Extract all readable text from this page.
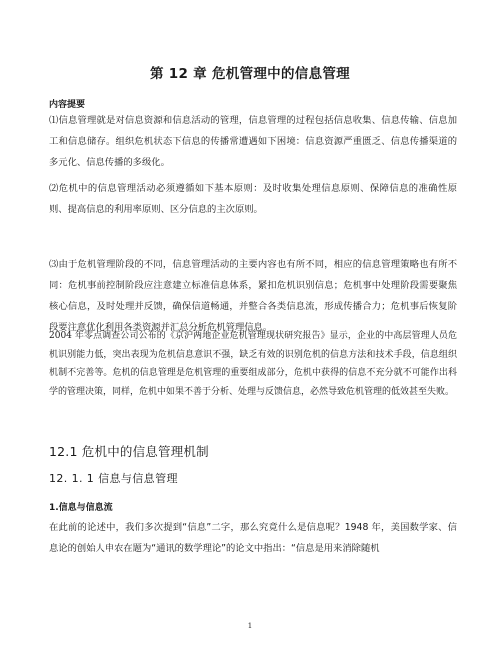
第 12 章 危机管理中的信息管理
内容提要

⑴信息管理就是对信息资源和信息活动的管理，信息管理的过程包括信息收集、信息传输、信息加工和信息储存。组织危机状态下信息的传播常遭遇如下困境：信息资源严重匮乏、信息传播渠道的多元化、信息传播的多级化。

⑵危机中的信息管理活动必须遵循如下基本原则：及时收集处理信息原则、保障信息的准确性原则、提高信息的利用率原则、区分信息的主次原则。

⑶由于危机管理阶段的不同，信息管理活动的主要内容也有所不同，相应的信息管理策略也有所不同：危机事前控制阶段应注意建立标准信息体系，紧扣危机识别信息；危机事中处理阶段需要聚焦核心信息，及时处理并反馈，确保信道畅通，并整合各类信息流，形成传播合力；危机事后恢复阶段要注意优化利用各类资源并汇总分析危机管理信息。

2004 年零点调查公司公布的《京沪两地企业危机管理现状研究报告》显示，企业的中高层管理人员危机识别能力低，突出表现为危机信息意识不强，缺乏有效的识别危机的信息方法和技术手段，信息组织机制不完善等。危机的信息管理是危机管理的重要组成部分，危机中获得的信息不充分就不可能作出科学的管理决策，同样，危机中如果不善于分析、处理与反馈信息，必然导致危机管理的低效甚至失败。

12.1 危机中的信息管理机制
12. 1. 1 信息与信息管理
1.信息与信息流

在此前的论述中，我们多次提到“信息”二字，那么究竟什么是信息呢？1948 年，美国数学家、信息论的创始人申农在题为“通讯的数学理论”的论文中指出：“信息是用来消除随机

1
